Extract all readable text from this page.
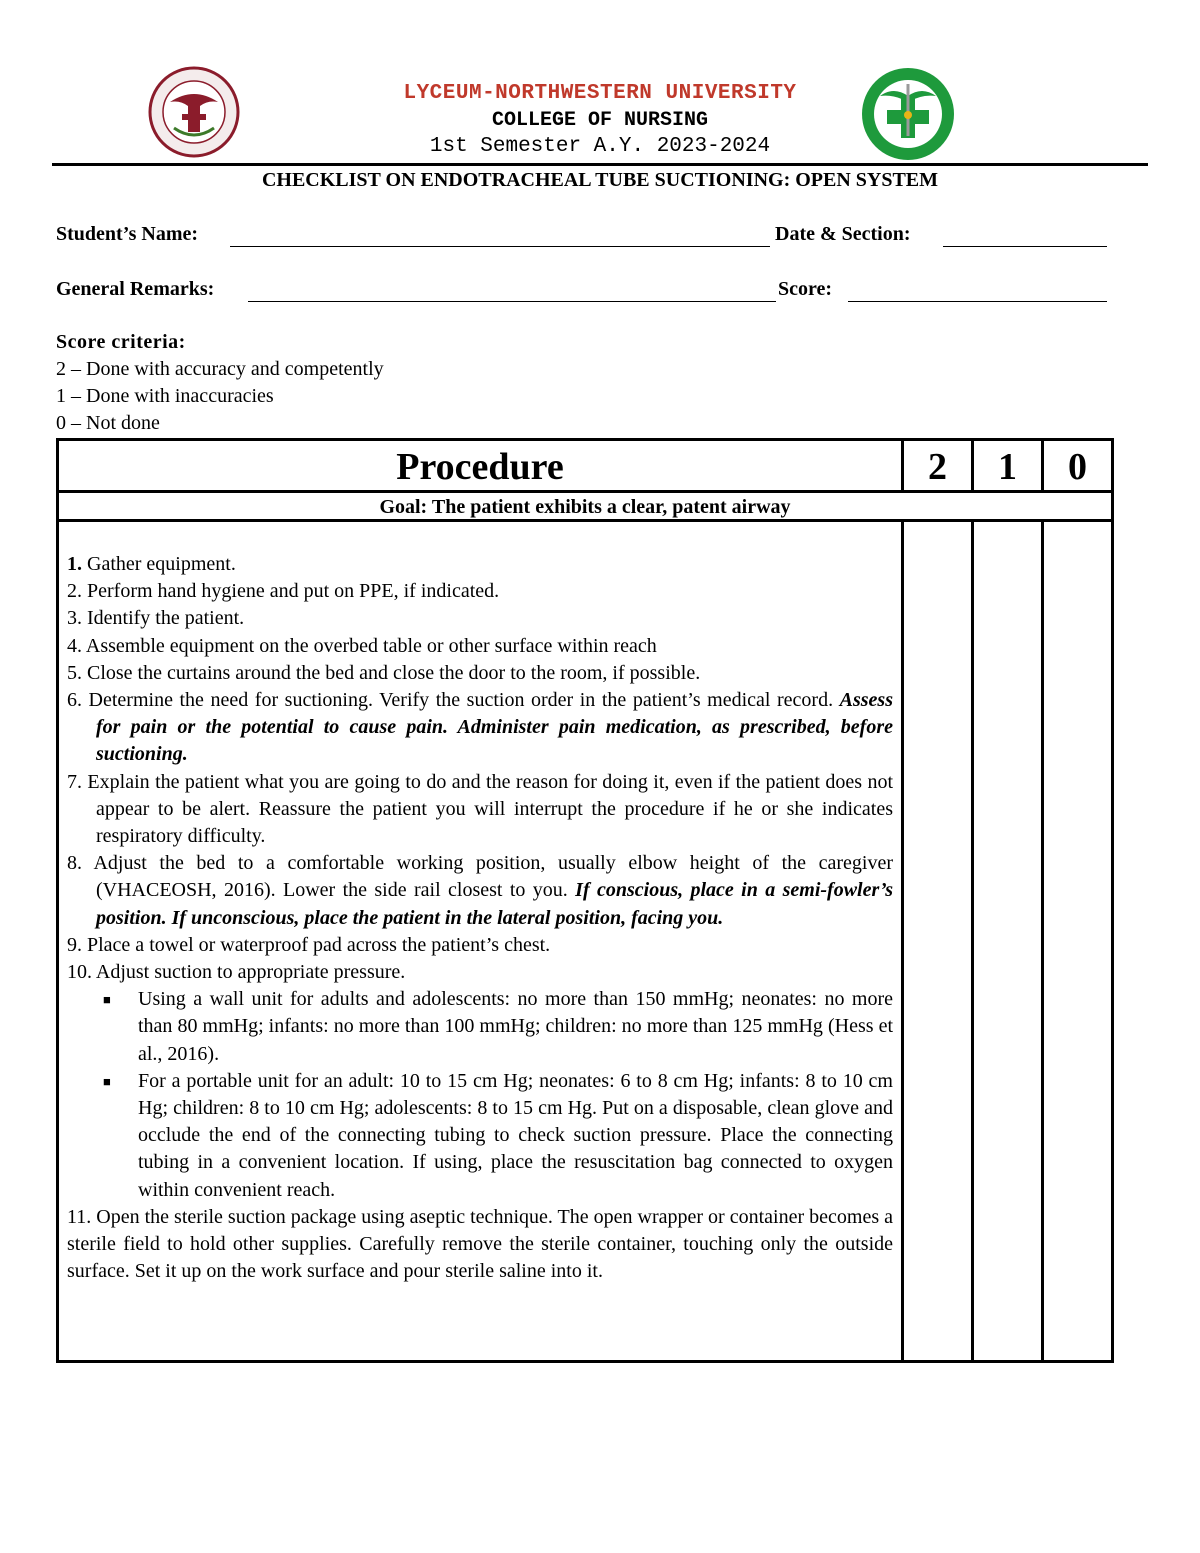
LYCEUM-NORTHWESTERN UNIVERSITY
COLLEGE OF NURSING
1st Semester A.Y. 2023-2024
CHECKLIST ON ENDOTRACHEAL TUBE SUCTIONING: OPEN SYSTEM
Student’s Name:	Date & Section:
General Remarks:	Score:
Score criteria:
2 – Done with accuracy and competently
1 – Done with inaccuracies
0 – Not done
Procedure	2	1	0
Goal: The patient exhibits a clear, patent airway

1. Gather equipment.

2. Perform hand hygiene and put on PPE, if indicated.

3. Identify the patient.

4. Assemble equipment on the overbed table or other surface within reach

5. Close the curtains around the bed and close the door to the room, if possible.

6. Determine the need for suctioning. Verify the suction order in the patient’s medical record. Assess for pain or the potential to cause pain. Administer pain medication, as prescribed, before suctioning.

7. Explain the patient what you are going to do and the reason for doing it, even if the patient does not appear to be alert. Reassure the patient you will interrupt the procedure if he or she indicates respiratory difficulty.

8. Adjust the bed to a comfortable working position, usually elbow height of the caregiver (VHACEOSH, 2016). Lower the side rail closest to you. If conscious, place in a semi-fowler’s position. If unconscious, place the patient in the lateral position, facing you.

9. Place a towel or waterproof pad across the patient’s chest.

10. Adjust suction to appropriate pressure.

■	Using a wall unit for adults and adolescents: no more than 150 mmHg; neonates: no more than 80 mmHg; infants: no more than 100 mmHg; children: no more than 125 mmHg (Hess et al., 2016).
■	For a portable unit for an adult: 10 to 15 cm Hg; neonates: 6 to 8 cm Hg; infants: 8 to 10 cm Hg; children: 8 to 10 cm Hg; adolescents: 8 to 15 cm Hg. Put on a disposable, clean glove and occlude the end of the connecting tubing to check suction pressure. Place the connecting tubing in a convenient location. If using, place the resuscitation bag connected to oxygen within convenient reach.

11. Open the sterile suction package using aseptic technique. The open wrapper or container becomes a sterile field to hold other supplies. Carefully remove the sterile container, touching only the outside surface. Set it up on the work surface and pour sterile saline into it.
